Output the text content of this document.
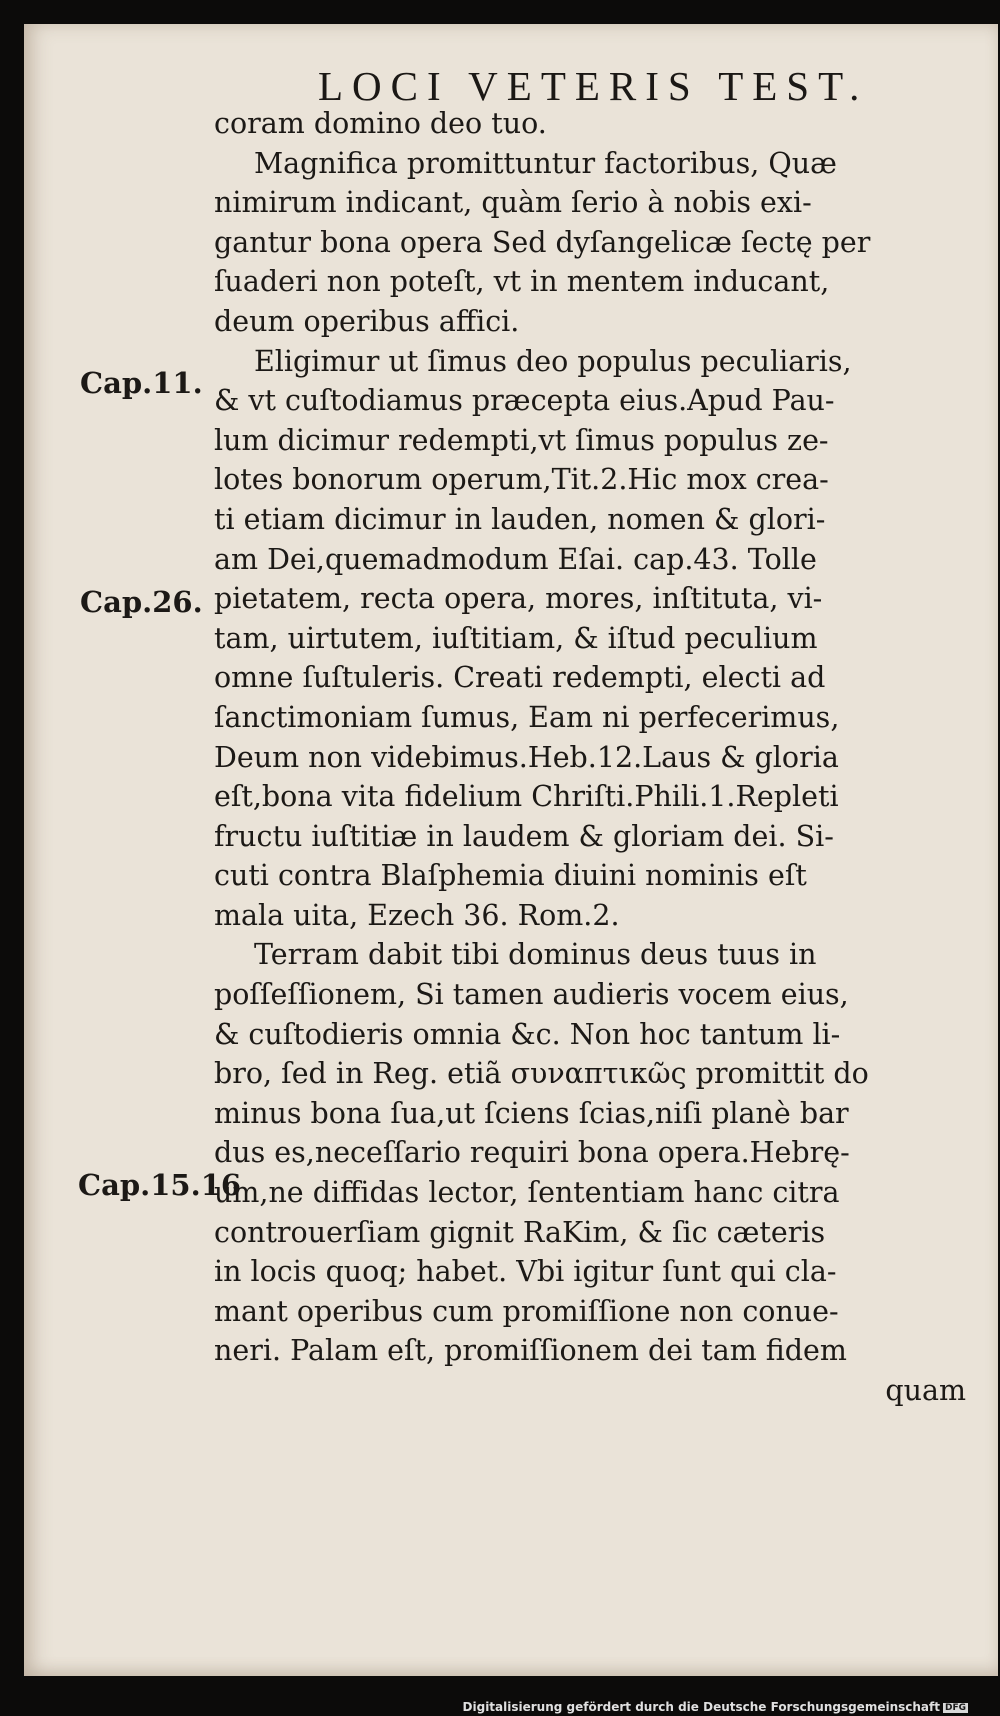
LOCI VETERIS TEST.
coram domino deo tuo.
Magnifica promittuntur factoribus, Quæ
nimirum indicant, quàm ſerio à nobis exi-
gantur bona opera Sed dyſangelicæ ſectę per
ſuaderi non poteſt, vt in mentem inducant,
deum operibus affici.
Eligimur ut ſimus deo populus peculiaris,
& vt cuſtodiamus præcepta eius.Apud Pau-
lum dicimur redempti,vt ſimus populus ze-
lotes bonorum operum,Tit.2.Hic mox crea-
ti etiam dicimur in lauden, nomen & glori-
am Dei,quemadmodum Eſai. cap.43. Tolle
pietatem, recta opera, mores, inſtituta, vi-
tam, uirtutem, iuſtitiam, & iſtud peculium
omne ſuſtuleris. Creati redempti, electi ad
ſanctimoniam ſumus, Eam ni perfecerimus,
Deum non videbimus.Heb.12.Laus & gloria
eſt,bona vita fidelium Chriſti.Phili.1.Repleti
fructu iuſtitiæ in laudem & gloriam dei. Si-
cuti contra Blaſphemia diuini nominis eſt
mala uita, Ezech 36. Rom.2.
Terram dabit tibi dominus deus tuus in
poſſeſſionem, Si tamen audieris vocem eius,
& cuſtodieris omnia &c. Non hoc tantum li-
bro, ſed in Reg. etiã συναπτικῶς promittit do
minus bona ſua,ut ſciens ſcias,niſi planè bar
dus es,neceſſario requiri bona opera.Hebrę-
um,ne diffidas lector, ſententiam hanc citra
controuerſiam gignit RaKim, & ſic cæteris
in locis quoq; habet. Vbi igitur ſunt qui cla-
mant operibus cum promiſſione non conue-
neri. Palam eſt, promiſſionem dei tam fidem
quam
Cap.11.
Cap.26.
Cap.15.16
Digitalisierung gefördert durch die Deutsche Forschungsgemeinschaft DFG
